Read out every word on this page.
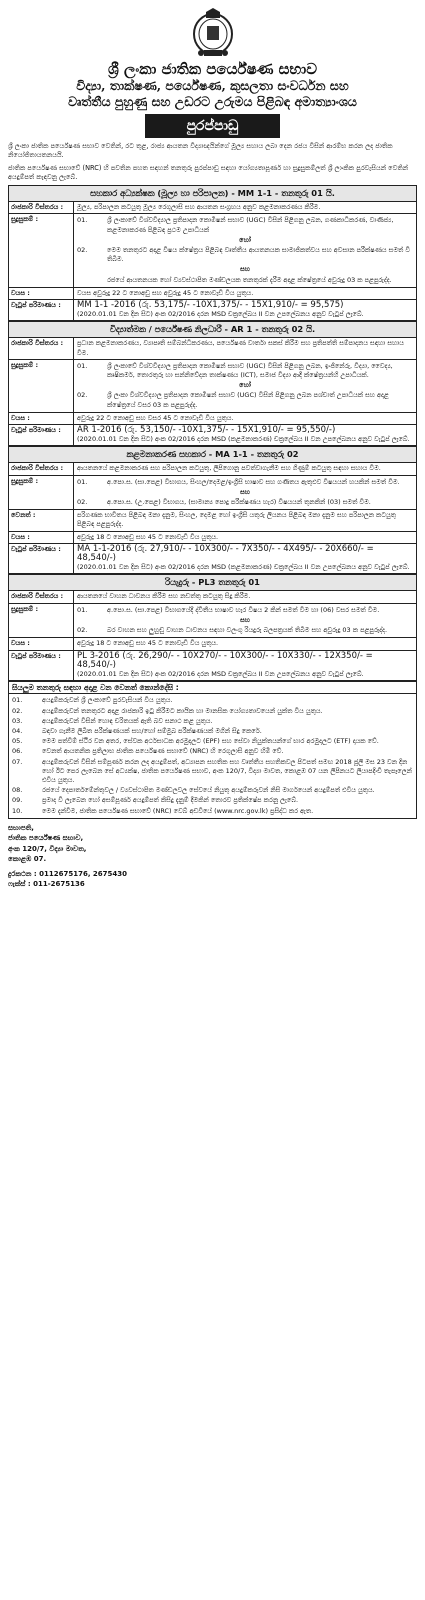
ශ්‍රී ලංකා ජාතික පර්යේෂණ සභාව
විද්‍යා, තාක්ෂණ, පර්යේෂණ, කුසලතා සංවර්ධන සහ
වෘත්තීය පුහුණු සහ උඩරට උරුමය පිළිබඳ අමාත්‍යාංශය
පුරප්පාඩු

ශ්‍රී ලංකා ජාතික පර්යේෂණ සභාව වෙතින්, රට තුළ, රාජ්‍ය ආයතන විද්‍යාඥයින්ගේ මූල්‍ය සහාය ලබා දෙන රජය විසින් ආරම්භ කරන ලද ජාතික නියෝජිතායතනයයි.

ජාතික පර්යේෂණ සභාවේ (NRC) හි පවතින පහත සඳහන් තනතුරු පුරප්පාඩු සඳහා යෝග්‍යතාපූර්ණ හා සුදුසුකම්ලත් ශ්‍රී ලාංකික පුරවැසියන් වෙතින් අයදුම්පත් කැඳවනු ලැබේ.

සහකාර අධ්‍යක්ෂක (මූල්‍ය හා පරිපාලන) - MM 1-1 - තනතුරු 01 යි.
රාජකාරි විස්තරය :	මූල්‍ය, පරිපාලන කටයුතු මූල්‍ය රෙගුලාසි සහ ආයතන සංග්‍රහය අනුව කළමනාකරණය කිරීම.
සුදුසුකම් :	01.	ශ්‍රී ලංකාවේ විශ්වවිද්‍යාල ප්‍රතිපාදන කොමිෂන් සභාව (UGC) විසින් පිළිගනු ලබන, ගණකාධිකරණ, වාණිජ්‍ය, කළමනාකරණ පිළිබඳ ප්‍රථම උපාධියක්
හෝ
02.	මෙම තනතුරට අදාළ විෂය ක්ෂේත්‍රය පිළිබඳ වෘත්තීය ආයතනයක සාමාජිකත්වය සහ අවසාන පරීක්ෂණය සමත් වී තිබීම.
සහ
රජයේ ආයතනයක හෝ ව්‍යවස්ථාපිත මණ්ඩලයක තනතුරක් දැරීම අදාළ ක්ෂේත්‍රයේ අවුරුදු 03 ක පළපුරුද්ද.
වයස :	වයස අවුරුදු 22 ට නොඅඩු සහ අවුරුදු 45 ට නොවැඩි විය යුතුය.
වැටුප් පරිමාණය :	MM 1-1 -2016 (රු. 53,175/- -10X1,375/- - 15X1,910/- = 95,575)
(2020.01.01 වන දින සිට) අංක 02/2016 දරන MSD චක්‍රලේඛය II වන උපලේඛනය අනුව වැටුප් ලැබේ.
විද්‍යාත්මක / පර්යේෂණ නිලධාරී - AR 1 - තනතුරු 02 යි.
රාජකාරි විස්තරය :	ප්‍රධාන කළමනාකරණය, ව්‍යාපෘති සම්බන්ධීකරණය, පර්යේෂණ වාර්තා සකස් කිරීම සහ ප්‍රතිපත්ති සම්පාදනය සඳහා සහාය වීම.
සුදුසුකම් :	01.	ශ්‍රී ලංකාවේ විශ්වවිද්‍යාල ප්‍රතිපාදන කොමිෂන් සභාව (UGC) විසින් පිළිගනු ලබන, ඉංජිනේරු, විද්‍යා, වෛද්‍ය, කෘෂිකර්ම, තොරතුරු හා සන්නිවේදන තාක්ෂණය (ICT), සමාජ විද්‍යා ආදී ක්ෂේත්‍රයන්හි උපාධියක්.
හෝ
02.	ශ්‍රී ලංකා විශ්වවිද්‍යාල ප්‍රතිපාදන කොමිෂන් සභාව (UGC) විසින් පිළිගනු ලබන පශ්චාත් උපාධියක් සහ අදාළ ක්ෂේත්‍රයේ වසර 03 ක පළපුරුද්ද.
වයස :	අවුරුදු 22 ට නොඅඩු සහ වසර 45 ට නොවැඩි විය යුතුය.
වැටුප් පරිමාණය :	AR 1-2016 (රු. 53,150/- -10X1,375/- - 15X1,910/- = 95,550/-)
(2020.01.01 වන දින සිට) අංක 02/2016 දරන MSD (කළමනාකරණ) චක්‍රලේඛය II වන උපලේඛනය අනුව වැටුප් ලැබේ.
කළමනාකරණ සහකාර - MA 1-1 - තනතුරු 02
රාජකාරි විස්තරය :	ආයතනයේ කළමනාකරණ සහ පරිපාලන කටයුතු, ලිපිගොනු පවත්වාගැනීම සහ ගිණුම් කටයුතු සඳහා සහාය වීම.
සුදුසුකම් :	01.	අ.පො.ස. (සා.පෙළ) විභාගය, සිංහල/දෙමළ/ඉංග්‍රීසි භාෂාව සහ ගණිතය ඇතුළුව විෂයයන් හයකින් සමත් වීම.
සහ
02.	අ.පො.ස. (උ.පෙළ) විභාගය, (සාමාන්‍ය පොදු පරීක්ෂණය හැර) විෂයයන් තුනකින් (03) සමත් වීම.
වෙනත් :	පරිගණක භාවිතය පිළිබඳ මනා දැනුම, සිංහල, දෙමළ හෝ ඉංග්‍රීසි යතුරු ලියනය පිළිබඳ මනා දැනුම සහ පරිපාලන කටයුතු පිළිබඳ පළපුරුද්ද.
වයස :	අවුරුදු 18 ට නොඅඩු සහ 45 ට නොවැඩි විය යුතුය.
වැටුප් පරිමාණය :	MA 1-1-2016 (රු. 27,910/- - 10X300/- - 7X350/- - 4X495/- - 20X660/- = 48,540/-)
(2020.01.01 වන දින සිට) අංක 02/2016 දරන MSD (කළමනාකරණ) චක්‍රලේඛය II වන උපලේඛනය අනුව වැටුප් ලැබේ.
රියැදුරු - PL3 තනතුරු 01
රාජකාරි විස්තරය :	ආයතනයේ වාහන ධාවනය කිරීම සහ නඩත්තු කටයුතු සිදු කිරීම.
සුදුසුකම් :	01.	අ.පො.ස. (සා.පෙළ) විභාගයේදී ද්විතීය භාෂාව හැර විෂය 2 කින් සමත් වීම හා (06) වසර සමත් වීම.
සහ
02.	බර වාහන සහ ලුහුඬු වාහන ධාවනය සඳහා වලංගු රියදුරු බලපත්‍රයක් තිබීම සහ අවුරුදු 03 ක පළපුරුද්ද.
වයස :	අවුරුදු 18 ට නොඅඩු සහ 45 ට නොවැඩි විය යුතුය.
වැටුප් පරිමාණය :	PL 3-2016 (රු. 26,290/- - 10X270/- - 10X300/- - 10X330/- - 12X350/- = 48,540/-)
(2020.01.01 වන දින සිට) අංක 02/2016 දරන MSD චක්‍රලේඛය II වන උපලේඛනය අනුව වැටුප් ලැබේ.
සියලුම තනතුරු සඳහා අදාළ වන වෙනත් කොන්දේසි :
01.	අයදුම්කරුවන් ශ්‍රී ලංකාවේ පුරවැසියන් විය යුතුය.
02.	අයදුම්කරුවන් තනතුරට අදාළ රාජකාරි ඉටු කිරීමට කායික හා මානසික යෝග්‍යතාවයෙන් යුක්ත විය යුතුය.
03.	අයදුම්කරුවන් විසින් හොඳ චරිතයක් ඇති බව සනාථ කළ යුතුය.
04.	බඳවා ගැනීම ලිඛිත පරීක්ෂණයක් සහ/හෝ සම්මුඛ පරීක්ෂණයක් මගින් සිදු කෙරේ.
05.	මෙම පත්වීම් ස්ථිර වන අතර, සේවක අර්ථසාධක අරමුදලට (EPF) සහ සේවා නියුක්තයන්ගේ භාර අරමුදලට (ETF) දායක වේ.
06.	වෙනත් ආයතනික ප්‍රතිලාභ ජාතික පර්යේෂණ සභාවේ (NRC) හි රෙගුලාසි අනුව හිමි වේ.
07.	අයදුම්කරුවන් විසින් සම්පූර්ණ කරන ලද අයදුම්පත්, අධ්‍යාපන සහතික සහ වෘත්තීය සහතිකවල පිටපත් සමඟ 2018 ජූලි මස 23 වන දින හෝ ඊට පෙර ලැබෙන සේ අධ්‍යක්ෂ, ජාතික පර්යේෂණ සභාව, අංක 120/7, විද්‍යා මාවත, කොළඹ 07 යන ලිපිනයට ලියාපදිංචි තැපෑලෙන් එවිය යුතුය.
08.	රජයේ දෙපාර්තමේන්තුවල / ව්‍යවස්ථාපිත මණ්ඩලවල සේවයේ නියුතු අයදුම්කරුවන් නිසි මාර්ගයෙන් අයදුම්පත් එවිය යුතුය.
09.	ප්‍රමාද වී ලැබෙන හෝ අසම්පූර්ණ අයදුම්පත් කිසිදු දැනුම් දීමකින් තොරව ප්‍රතික්ෂේප කරනු ලැබේ.
10.	මෙම දැන්වීම, ජාතික පර්යේෂණ සභාවේ (NRC) වෙබ් අඩවියේ (www.nrc.gov.lk) ප්‍රසිද්ධ කර ඇත.
සභාපති,
ජාතික පර්යේෂණ සභාව,
අංක 120/7, විද්‍යා මාවත,
කොළඹ 07.
දුරකථන : 0112675176, 2675430
ෆැක්ස් : 011-2675136
